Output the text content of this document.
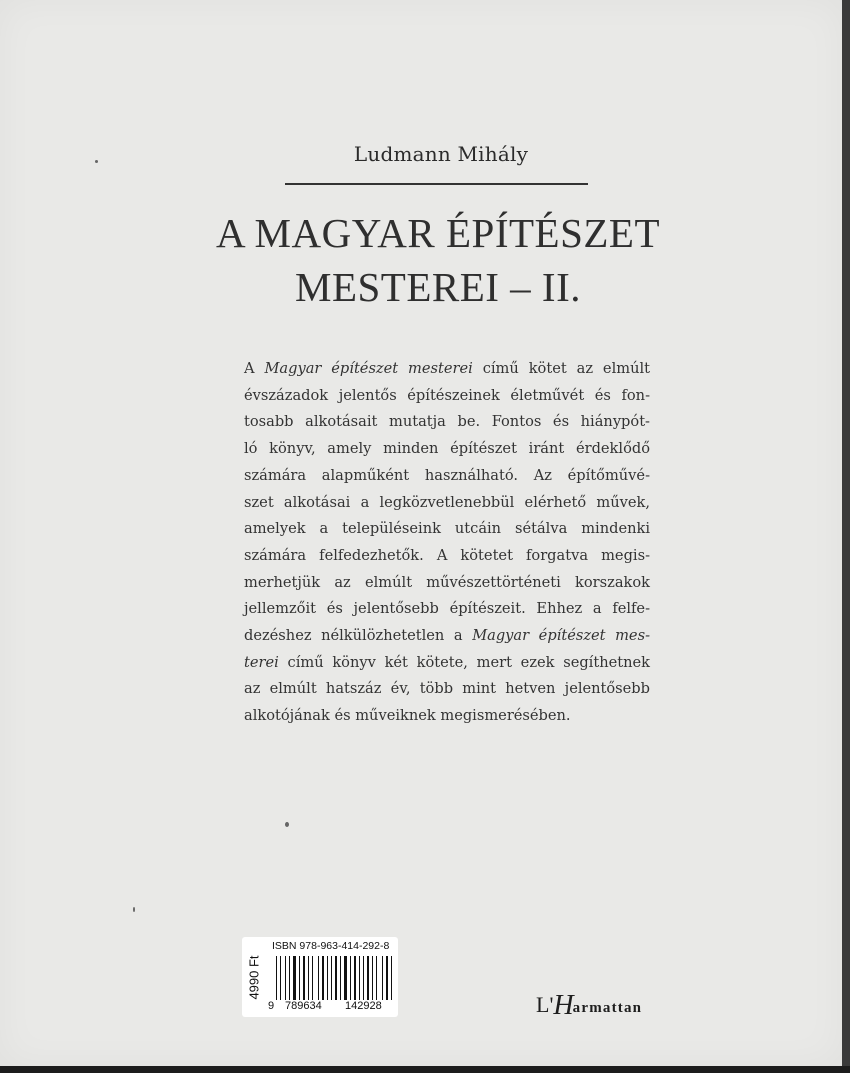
Ludmann Mihály
A MAGYAR ÉPÍTÉSZET
MESTEREI – II.
A Magyar építészet mesterei című kötet az elmúlt
évszázadok jelentős építészeinek életművét és fon-
tosabb alkotásait mutatja be. Fontos és hiánypót-
ló könyv, amely minden építészet iránt érdeklődő
számára alapműként használható. Az építőművé-
szet alkotásai a legközvetlenebbül elérhető művek,
amelyek a településeink utcáin sétálva mindenki
számára felfedezhetők. A kötetet forgatva megis-
merhetjük az elmúlt művészettörténeti korszakok
jellemzőit és jelentősebb építészeit. Ehhez a felfe-
dezéshez nélkülözhetetlen a Magyar építészet mes-
terei című könyv két kötete, mert ezek segíthetnek
az elmúlt hatszáz év, több mint hetven jelentősebb
alkotójának és műveiknek megismerésében.
4990 Ft
ISBN 978-963-414-292-8
9 789634 142928	L'Harmattan
